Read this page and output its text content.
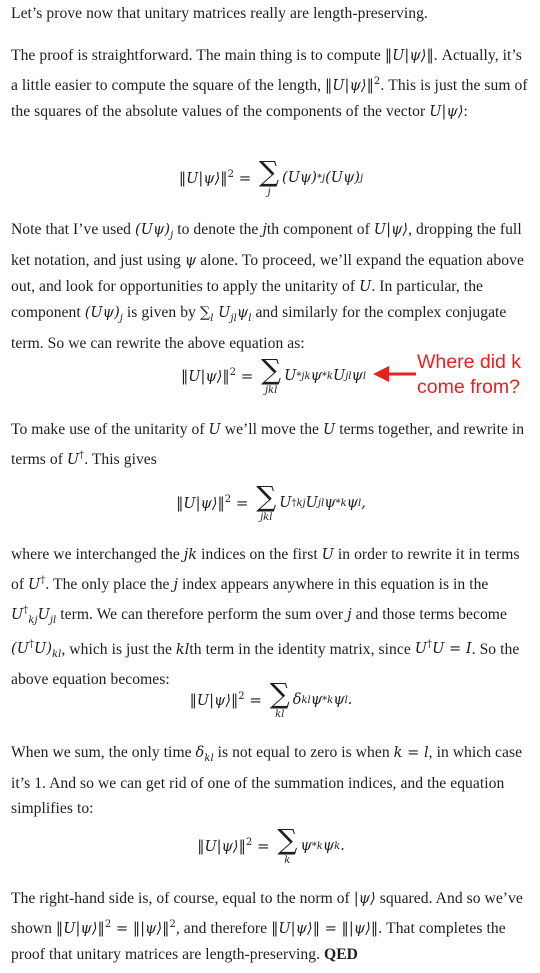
Let’s prove now that unitary matrices really are length-preserving.

The proof is straightforward. The main thing is to compute ‖U|ψ⟩‖. Actually, it’s a little easier to compute the square of the length, ‖U|ψ⟩‖$^2$. This is just the sum of the squares of the absolute values of the components of the vector U|ψ⟩:

‖U|ψ⟩‖$^2$ = ∑
j
(Uψ) * j (Uψ) j

Note that I’ve used $(U\psi)_j$ to denote the jth component of U|ψ⟩, dropping the full ket notation, and just using ψ alone. To proceed, we’ll expand the equation above out, and look for opportunities to apply the unitarity of U. In particular, the component $(U\psi)_j$ is given by $\sum_l$ $U_{jl}\psi_l$ and similarly for the complex conjugate term. So we can rewrite the above equation as:

‖U|ψ⟩‖$^2$ = ∑
jkl
U * jk ψ * k U jl ψ l
Where did k
come from?

To make use of the unitarity of U we’ll move the U terms together, and rewrite in terms of U†. This gives

‖U|ψ⟩‖$^2$ = ∑
jkl
U † kj U jl ψ * k ψ l ,

where we interchanged the jk indices on the first U in order to rewrite it in terms of U†. The only place the j index appears anywhere in this equation is in the $U^\dagger_{kj}U_{jl}$ term. We can therefore perform the sum over j and those terms become $(U^\dagger U)_{kl}$, which is just the klth term in the identity matrix, since U†U = I. So the above equation becomes:

‖U|ψ⟩‖$^2$ = ∑
kl
δ kl ψ * k ψ l .

When we sum, the only time $\delta_{kl}$ is not equal to zero is when k = l, in which case it’s 1. And so we can get rid of one of the summation indices, and the equation simplifies to:

‖U|ψ⟩‖$^2$ = ∑
k
ψ * k ψ k .

The right-hand side is, of course, equal to the norm of |ψ⟩ squared. And so we’ve shown ‖U|ψ⟩‖$^2$ = ‖|ψ⟩‖$^2$, and therefore ‖U|ψ⟩‖ = ‖|ψ⟩‖. That completes the proof that unitary matrices are length-preserving. QED
